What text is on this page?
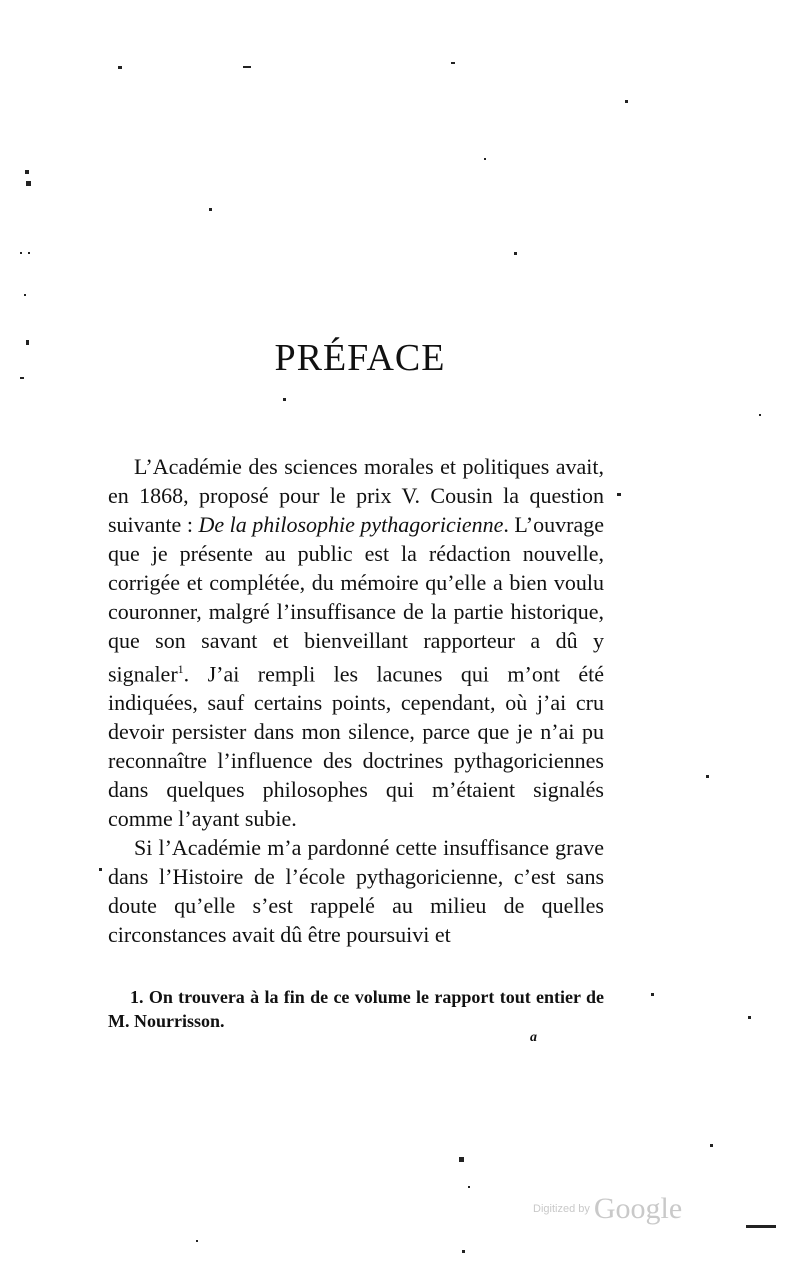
PRÉFACE

L’Académie des sciences morales et politiques avait, en 1868, proposé pour le prix V. Cousin la question suivante : De la philosophie pythagoricienne. L’ouvrage que je présente au public est la rédaction nouvelle, corrigée et complétée, du mémoire qu’elle a bien voulu couronner, malgré l’insuffisance de la partie historique, que son savant et bienveillant rapporteur a dû y signaler$^1$. J’ai rempli les lacunes qui m’ont été indiquées, sauf certains points, cependant, où j’ai cru devoir persister dans mon silence, parce que je n’ai pu reconnaître l’influence des doctrines pythagoriciennes dans quelques philosophes qui m’étaient signalés comme l’ayant subie.

Si l’Académie m’a pardonné cette insuffisance grave dans l’Histoire de l’école pythagoricienne, c’est sans doute qu’elle s’est rappelé au milieu de quelles circonstances avait dû être poursuivi et

1. On trouvera à la fin de ce volume le rapport tout entier de M. Nourrisson.

a
Digitized by Google
